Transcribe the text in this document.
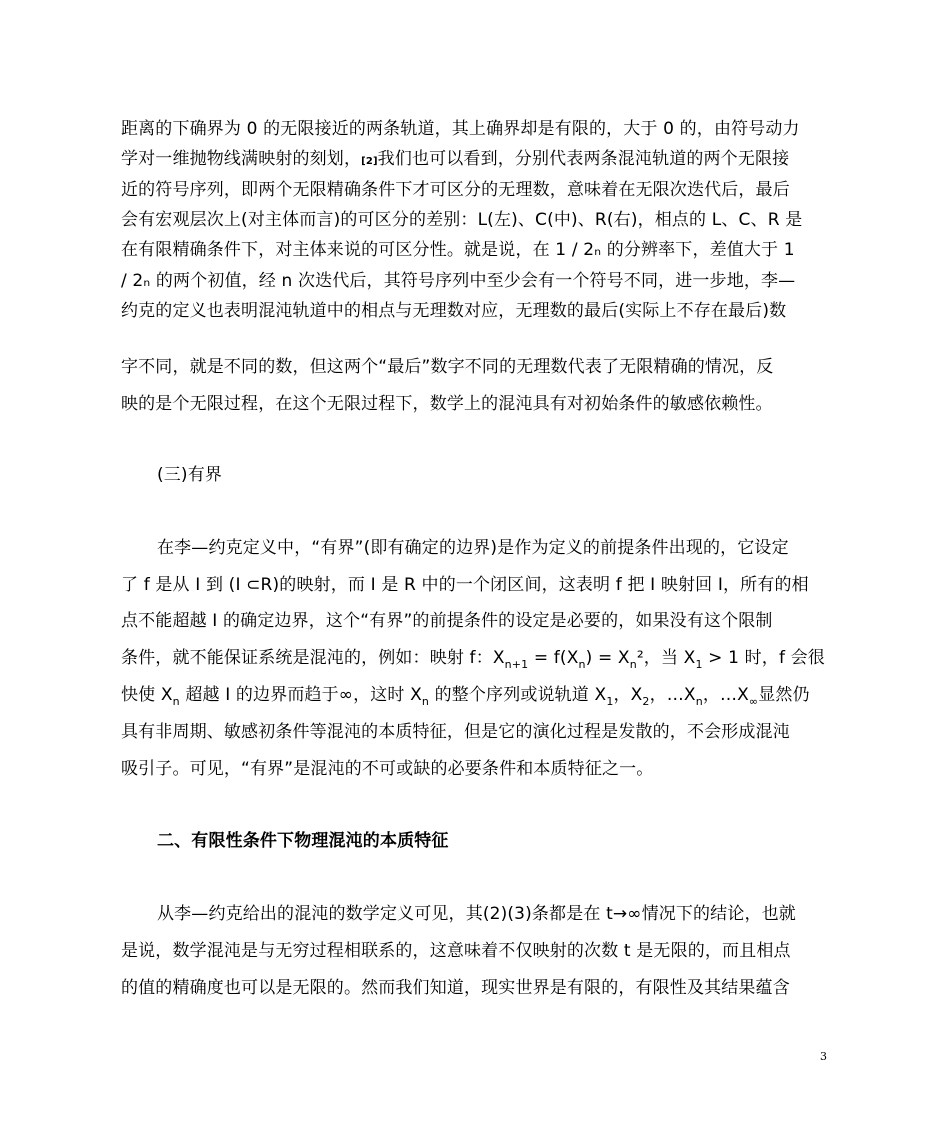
距离的下确界为 0 的无限接近的两条轨道，其上确界却是有限的，大于 0 的，由符号动力
学对一维抛物线满映射的刻划，[2]我们也可以看到，分别代表两条混沌轨道的两个无限接
近的符号序列，即两个无限精确条件下才可区分的无理数，意味着在无限次迭代后，最后
会有宏观层次上(对主体而言)的可区分的差别：L(左)、C(中)、R(右)，相点的 L、C、R 是
在有限精确条件下，对主体来说的可区分性。就是说，在 1 / 2ₙ 的分辨率下，差值大于 1
/ 2ₙ 的两个初值，经 n 次迭代后，其符号序列中至少会有一个符号不同，进一步地，李—
约克的定义也表明混沌轨道中的相点与无理数对应，无理数的最后(实际上不存在最后)数
字不同，就是不同的数，但这两个“最后”数字不同的无理数代表了无限精确的情况，反
映的是个无限过程，在这个无限过程下，数学上的混沌具有对初始条件的敏感依赖性。
(三)有界
在李—约克定义中，“有界”(即有确定的边界)是作为定义的前提条件出现的，它设定
了 f 是从 I 到 (I ⊂R)的映射，而 I 是 R 中的一个闭区间，这表明 f 把 I 映射回 I，所有的相
点不能超越 I 的确定边界，这个“有界”的前提条件的设定是必要的，如果没有这个限制
条件，就不能保证系统是混沌的，例如：映射 f：$X_{n+1} = f(X_n) = X_n^2$，当 $X_1 > 1$ 时，f 会很
快使 $X_n$ 超越 I 的边界而趋于∞，这时 $X_n$ 的整个序列或说轨道 $X_1$，$X_2$，$\dots X_n$，$\dots X_\infty$显然仍
具有非周期、敏感初条件等混沌的本质特征，但是它的演化过程是发散的，不会形成混沌
吸引子。可见，“有界”是混沌的不可或缺的必要条件和本质特征之一。
二、有限性条件下物理混沌的本质特征
从李—约克给出的混沌的数学定义可见，其(2)(3)条都是在 t→∞情况下的结论，也就
是说，数学混沌是与无穷过程相联系的，这意味着不仅映射的次数 t 是无限的，而且相点
的值的精确度也可以是无限的。然而我们知道，现实世界是有限的，有限性及其结果蕴含
3
